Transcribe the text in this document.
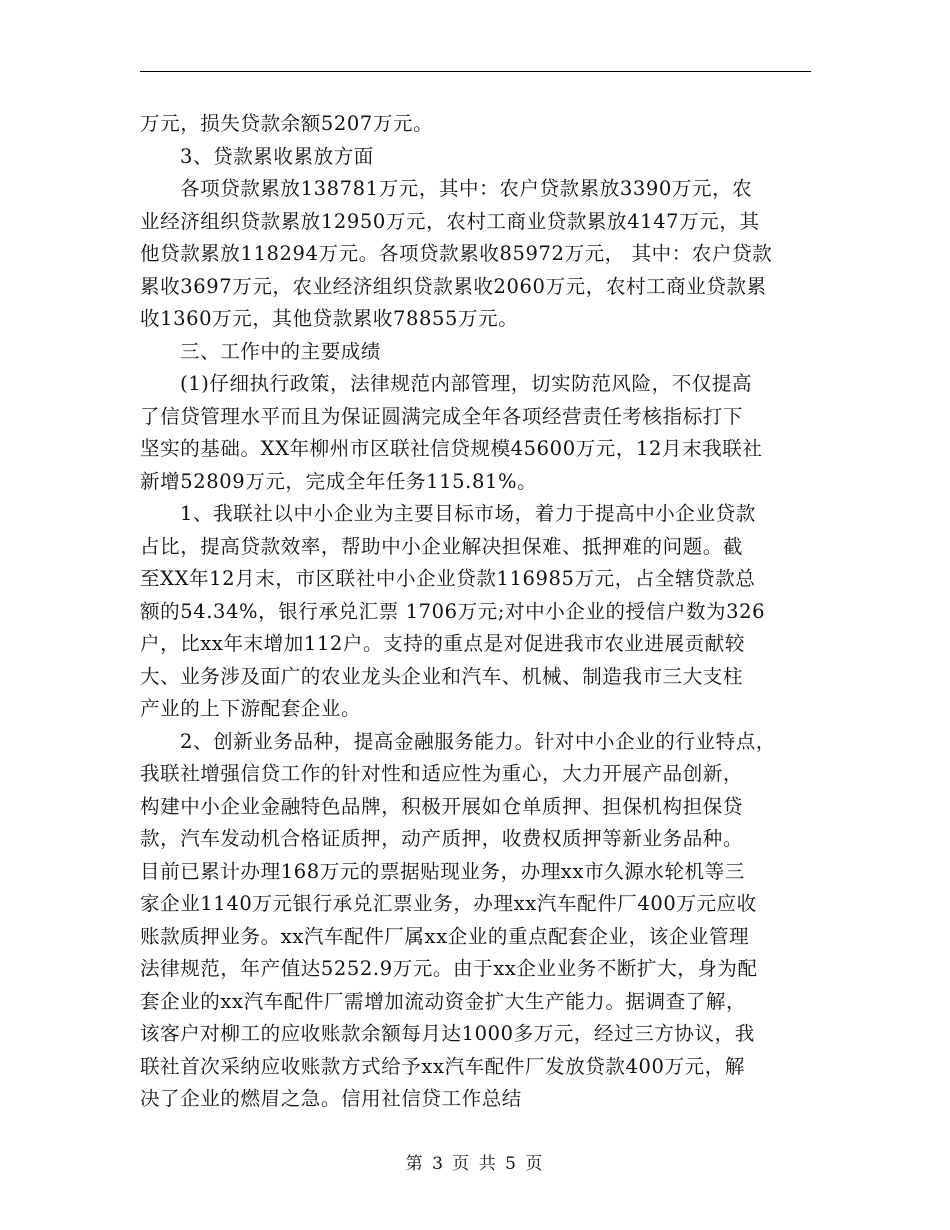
万元，损失贷款余额5207万元。
3、贷款累收累放方面
各项贷款累放138781万元，其中：农户贷款累放3390万元，农
业经济组织贷款累放12950万元，农村工商业贷款累放4147万元，其
他贷款累放118294万元。各项贷款累收85972万元， 其中：农户贷款
累收3697万元，农业经济组织贷款累收2060万元，农村工商业贷款累
收1360万元，其他贷款累收78855万元。
三、工作中的主要成绩
(1)仔细执行政策，法律规范内部管理，切实防范风险，不仅提高
了信贷管理水平而且为保证圆满完成全年各项经营责任考核指标打下
坚实的基础。XX年柳州市区联社信贷规模45600万元，12月末我联社
新增52809万元，完成全年任务115.81%。
1、我联社以中小企业为主要目标市场，着力于提高中小企业贷款
占比，提高贷款效率，帮助中小企业解决担保难、抵押难的问题。截
至XX年12月末，市区联社中小企业贷款116985万元，占全辖贷款总
额的54.34%，银行承兑汇票 1706万元;对中小企业的授信户数为326
户，比xx年末增加112户。支持的重点是对促进我市农业进展贡献较
大、业务涉及面广的农业龙头企业和汽车、机械、制造我市三大支柱
产业的上下游配套企业。
2、创新业务品种，提高金融服务能力。针对中小企业的行业特点，
我联社增强信贷工作的针对性和适应性为重心，大力开展产品创新，
构建中小企业金融特色品牌，积极开展如仓单质押、担保机构担保贷
款，汽车发动机合格证质押，动产质押，收费权质押等新业务品种。
目前已累计办理168万元的票据贴现业务，办理xx市久源水轮机等三
家企业1140万元银行承兑汇票业务，办理xx汽车配件厂400万元应收
账款质押业务。xx汽车配件厂属xx企业的重点配套企业，该企业管理
法律规范，年产值达5252.9万元。由于xx企业业务不断扩大，身为配
套企业的xx汽车配件厂需增加流动资金扩大生产能力。据调查了解，
该客户对柳工的应收账款余额每月达1000多万元，经过三方协议，我
联社首次采纳应收账款方式给予xx汽车配件厂发放贷款400万元，解
决了企业的燃眉之急。信用社信贷工作总结
第 3 页 共 5 页
